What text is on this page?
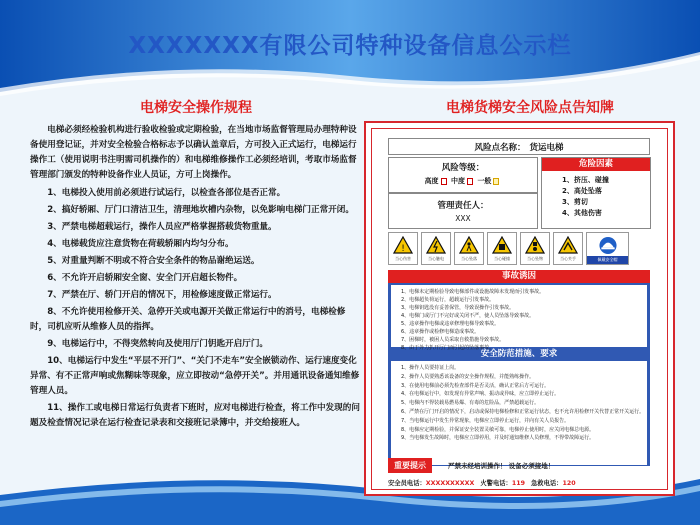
XXXXXXX有限公司特种设备信息公示栏
电梯安全操作规程	电梯货梯安全风险点告知牌

电梯必须经检验机构进行验收检验或定期检验，在当地市场监督管理局办理特种设备使用登记证，并对安全检验合格标志予以确认盖章后，方可投入正式运行，电梯运行操作工（使用说明书注明需司机操作的）和电梯维修操作工必须经培训，考取市场监督管理部门颁发的特种设备作业人员证，方可上岗操作。

1、电梯投入使用前必须进行试运行，以检查各部位是否正常。

2、搞好轿厢、厅门口清洁卫生，清理地坎槽内杂物，以免影响电梯门正常开闭。

3、严禁电梯超载运行，操作人员应严格掌握搭载货物重量。

4、电梯载货应注意货物在荷载轿厢内均匀分布。

5、对重量判断不明或不符合安全条件的物品谢绝运送。

6、不允许开启轿厢安全窗、安全门开启超长物件。

7、严禁在厅、轿门开启的情况下，用检修速度做正常运行。

8、不允许使用检修开关、急停开关或电源开关做正常运行中的消号，电梯检修时，司机应听从维修人员的指挥。

9、电梯运行中，不得突然转向及使用厅门钥匙开启厅门。

10、电梯运行中发生“平层不开门”、“关门不走车”安全嵌锁动作、运行速度变化异常、有不正常声响或焦糊味等现象，应立即按动“急停开关”。并用通讯设备通知维修管理人员。

11、操作工或电梯日常运行负责者下班时，应对电梯进行检查，将工作中发现的问题及检查情况记录在运行检查记录表和交接班记录簿中，并交给接班人。

风险点名称： 货运电梯
风险等级：
高度 中度 一般
管理责任人：
XXX
危险因素
1、挤压、碰撞
2、高处坠落
3、剪切
4、其他伤害
!
当心伤害	当心触电	当心坠落	当心碰撞	当心坠物	当心夹手	佩戴安全帽
事故诱因
1、电梯未定期检验导致电梯部件或设施故障未发现而引发事故。
2、电梯超负荷运行，超载运行引发事故。
3、电梯钥匙没有妥善保管，导致误操作引发事故。
4、电梯门或厅门不完好或关闭不严，使人员坠落导致事故。
5、违章操作电梯或违章修理电梯导致事故。
6、违章操作或检修电梯造成事故。
7、困梯时，被困人员采取自救措施导致事故。
8、由于外力扒开厅门而引起的坠落事故。
安全防范措施、要求
1、操作人员要持证上岗。
2、操作人员要熟悉该设备的安全操作规程，并能熟练操作。
3、在使用电梯前必须先检查部件是否灵活，确认正常后方可运行。
4、在电梯运行中，如发现有异常声响、振动或异味，应立即停止运行。
5、电梯内不得装载易燃易爆、有毒的危险品，严禁超载运行。
6、严禁在厅门开启的情况下，启动或保持电梯检修和正常运行状态，也不允许用检修开关代替正常开关运行。
7、当电梯运行中发生异常现象，电梯应立即停止运行，并向有关人员报告。
8、电梯应定期检验，并保证安全装置灵敏可靠，电梯停止使用时，应关闭电梯总电源。
9、当电梯发生故障时，电梯应立即停用，并及时通知维修人员修理，不得带故障运行。
重要提示	严禁未经培训操作！ 设备必须接地！
安全员电话：XXXXXXXXXX 火警电话：119 急救电话：120
